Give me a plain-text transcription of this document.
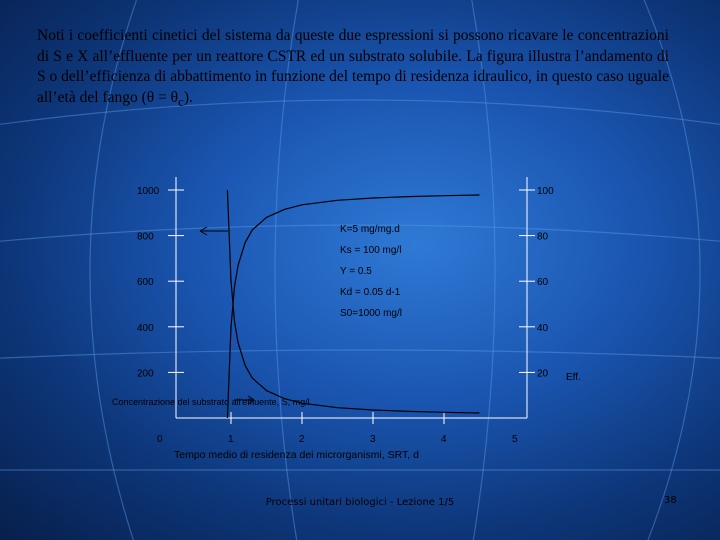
Noti i coefficienti cinetici del sistema da queste due espressioni si possono ricavare le concentrazioni di S e X all’effluente per un reattore CSTR ed un substrato solubile. La figura illustra l’andamento di S o dell’efficienza di abbattimento in funzione del tempo di residenza idraulico, in questo caso uguale all’età del fango $(\theta = \theta_c)$.

1000
800
600
400
200
100
80
60
40
20
0	1	2	3	4	5
K=5 mg/mg.d
Ks = 100 mg/l
Y = 0.5
Kd = 0.05 d-1
S0=1000 mg/l
Tempo medio di residenza dei microrganismi, SRT, d
Concentrazione del substrato all'effluente, S, mg/l
Eff.
Processi unitari biologici - Lezione 1/5	38
